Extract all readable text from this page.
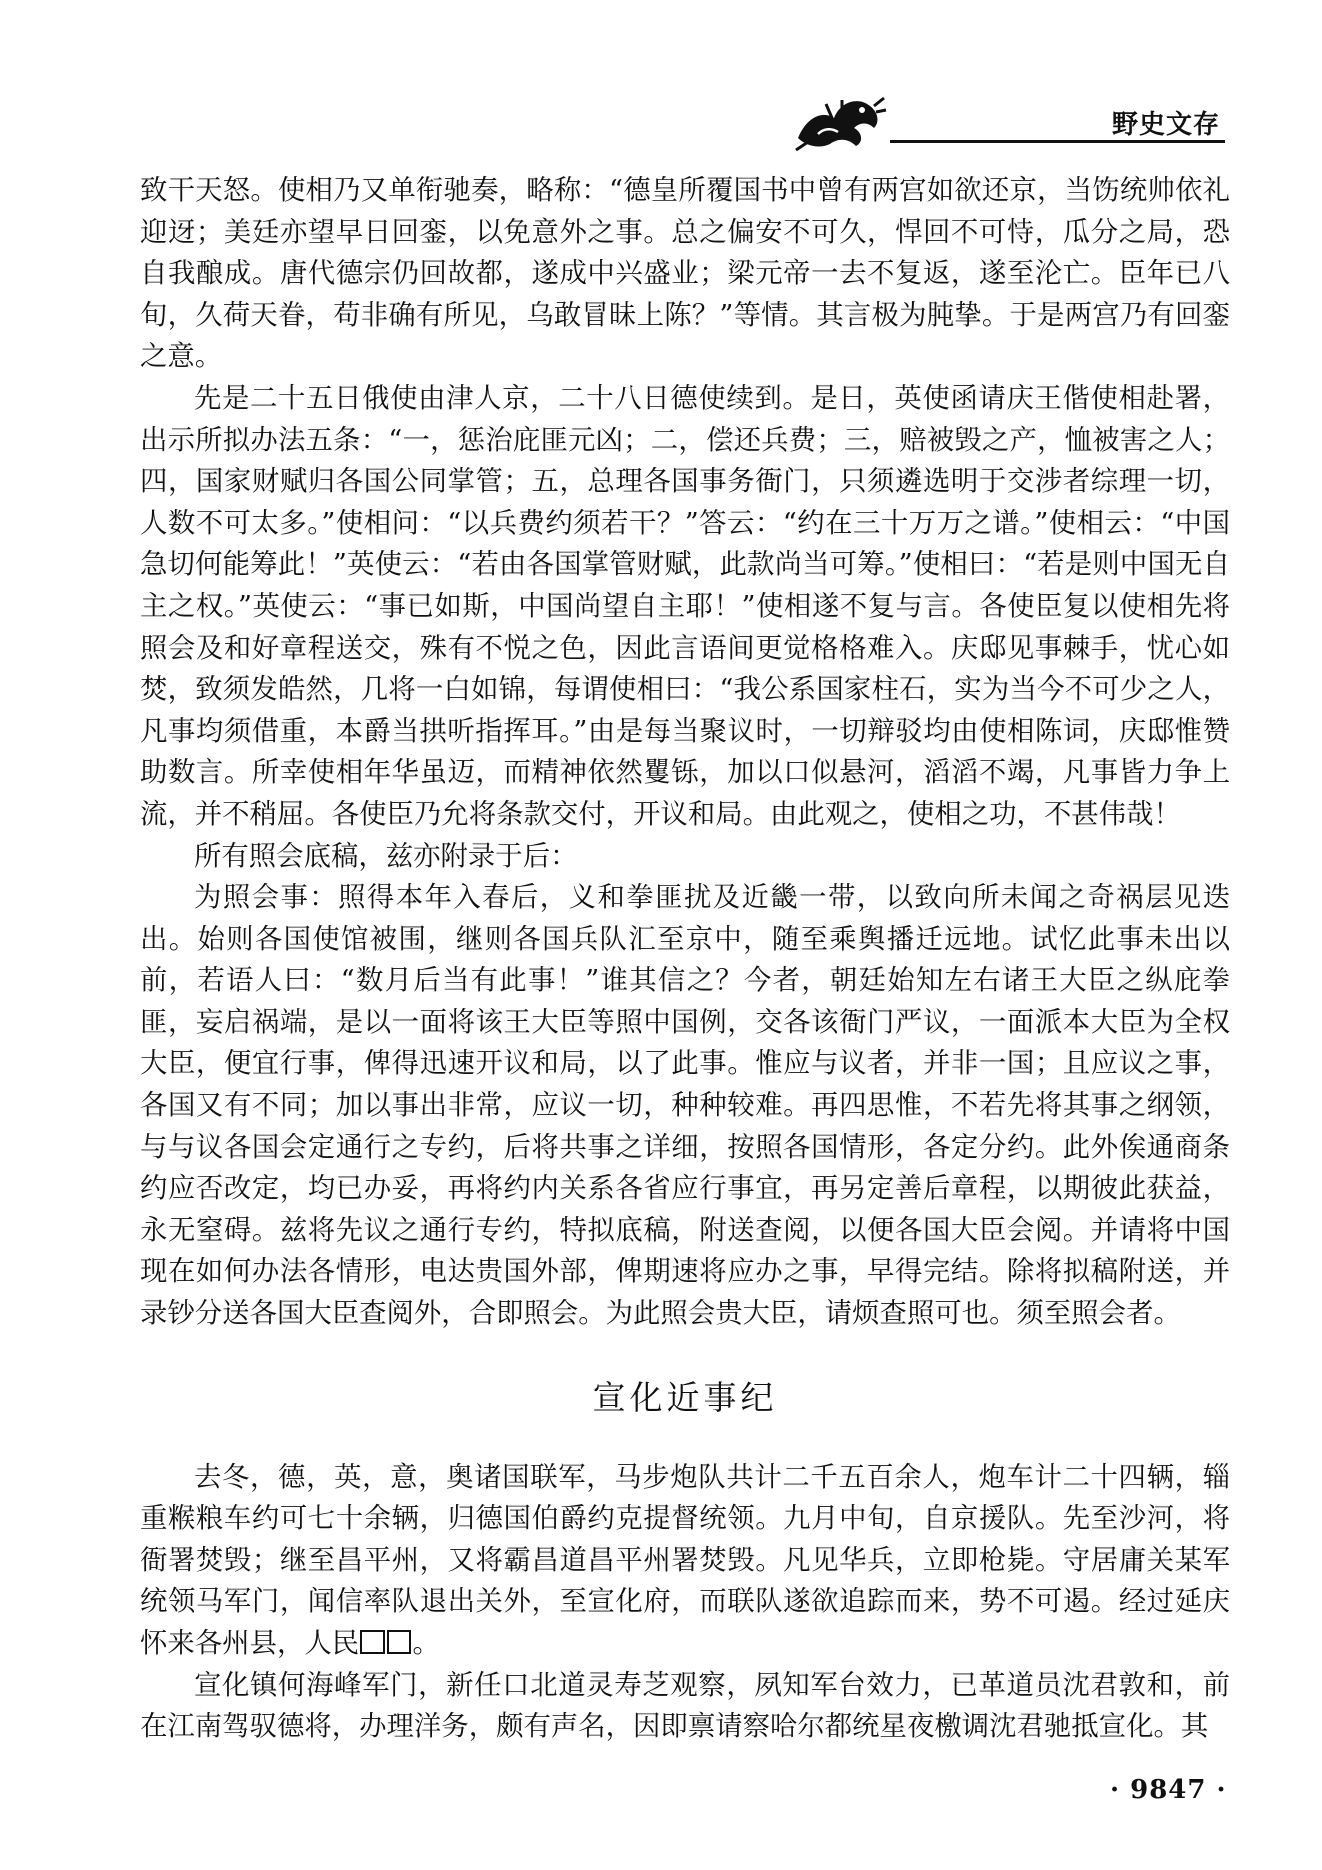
野史文存

致干天怒。使相乃又单衔驰奏，略称：“德皇所覆国书中曾有两宫如欲还京，当饬统帅依礼迎迓；美廷亦望早日回銮，以免意外之事。总之偏安不可久，悍回不可恃，瓜分之局，恐自我酿成。唐代德宗仍回故都，遂成中兴盛业；梁元帝一去不复返，遂至沦亡。臣年已八旬，久荷天眷，苟非确有所见，乌敢冒昧上陈？”等情。其言极为肫挚。于是两宫乃有回銮之意。

先是二十五日俄使由津人京，二十八日德使续到。是日，英使函请庆王偕使相赴署，出示所拟办法五条：“一，惩治庇匪元凶；二，偿还兵费；三，赔被毁之产，恤被害之人；四，国家财赋归各国公同掌管；五，总理各国事务衙门，只须遴选明于交涉者综理一切，人数不可太多。”使相问：“以兵费约须若干？”答云：“约在三十万万之谱。”使相云：“中国急切何能筹此！”英使云：“若由各国掌管财赋，此款尚当可筹。”使相曰：“若是则中国无自主之权。”英使云：“事已如斯，中国尚望自主耶！”使相遂不复与言。各使臣复以使相先将照会及和好章程送交，殊有不悦之色，因此言语间更觉格格难入。庆邸见事棘手，忧心如焚，致须发皓然，几将一白如锦，每谓使相曰：“我公系国家柱石，实为当今不可少之人，凡事均须借重，本爵当拱听指挥耳。”由是每当聚议时，一切辩驳均由使相陈词，庆邸惟赞助数言。所幸使相年华虽迈，而精神依然矍铄，加以口似悬河，滔滔不竭，凡事皆力争上流，并不稍屈。各使臣乃允将条款交付，开议和局。由此观之，使相之功，不甚伟哉！

所有照会底稿，兹亦附录于后：

为照会事：照得本年入春后，义和拳匪扰及近畿一带，以致向所未闻之奇祸层见迭出。始则各国使馆被围，继则各国兵队汇至京中，随至乘舆播迁远地。试忆此事未出以前，若语人曰：“数月后当有此事！”谁其信之？今者，朝廷始知左右诸王大臣之纵庇拳匪，妄启祸端，是以一面将该王大臣等照中国例，交各该衙门严议，一面派本大臣为全权大臣，便宜行事，俾得迅速开议和局，以了此事。惟应与议者，并非一国；且应议之事，各国又有不同；加以事出非常，应议一切，种种较难。再四思惟，不若先将其事之纲领，与与议各国会定通行之专约，后将共事之详细，按照各国情形，各定分约。此外俟通商条约应否改定，均已办妥，再将约内关系各省应行事宜，再另定善后章程，以期彼此获益，永无窒碍。兹将先议之通行专约，特拟底稿，附送查阅，以便各国大臣会阅。并请将中国现在如何办法各情形，电达贵国外部，俾期速将应办之事，早得完结。除将拟稿附送，并录钞分送各国大臣查阅外，合即照会。为此照会贵大臣，请烦查照可也。须至照会者。

宣化近事纪

去冬，德，英，意，奥诸国联军，马步炮队共计二千五百余人，炮车计二十四辆，辎重糇粮车约可七十余辆，归德国伯爵约克提督统领。九月中旬，自京援队。先至沙河，将衙署焚毁；继至昌平州，又将霸昌道昌平州署焚毁。凡见华兵，立即枪毙。守居庸关某军统领马军门，闻信率队退出关外，至宣化府，而联队遂欲追踪而来，势不可遏。经过延庆怀来各州县，人民 。

宣化镇何海峰军门，新任口北道灵寿芝观察，夙知军台效力，已革道员沈君敦和，前在江南驾驭德将，办理洋务，颇有声名，因即禀请察哈尔都统星夜檄调沈君驰抵宣化。其

· 9847 ·
